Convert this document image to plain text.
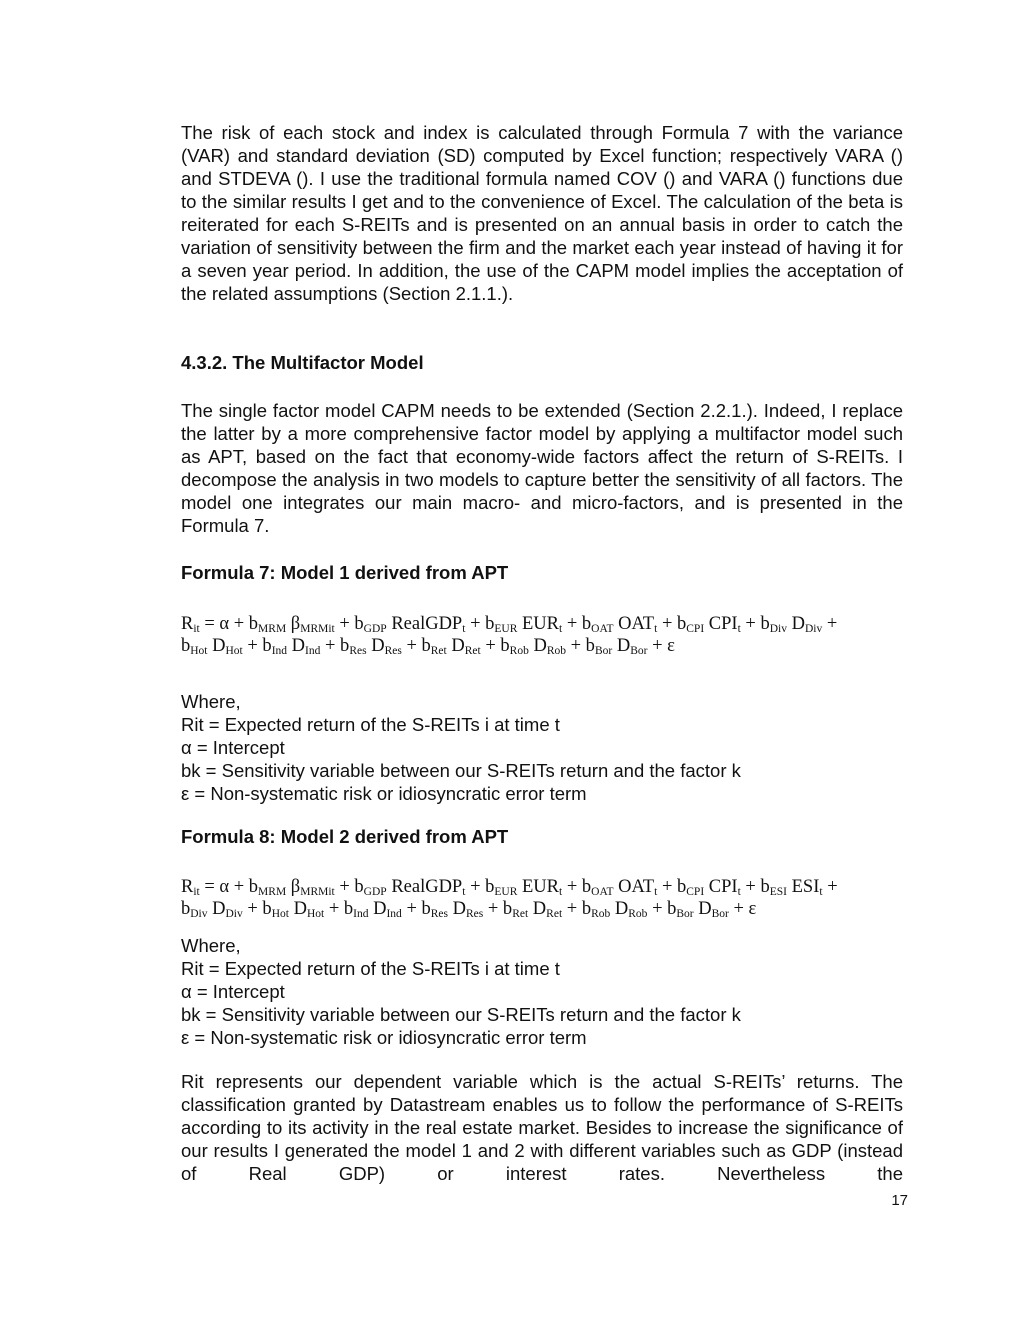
The risk of each stock and index is calculated through Formula 7 with the variance (VAR) and standard deviation (SD) computed by Excel function; respectively VARA () and STDEVA (). I use the traditional formula named COV () and VARA () functions due to the similar results I get and to the convenience of Excel. The calculation of the beta is reiterated for each S-REITs and is presented on an annual basis in order to catch the variation of sensitivity between the firm and the market each year instead of having it for a seven year period. In addition, the use of the CAPM model implies the acceptation of the related assumptions (Section 2.1.1.).
4.3.2. The Multifactor Model
The single factor model CAPM needs to be extended (Section 2.2.1.). Indeed, I replace the latter by a more comprehensive factor model by applying a multifactor model such as APT, based on the fact that economy-wide factors affect the return of S-REITs. I decompose the analysis in two models to capture better the sensitivity of all factors. The model one integrates our main macro- and micro-factors, and is presented in the Formula 7.
Formula 7: Model 1 derived from APT
$R_{it} = \alpha + b_{MRM}$ $\beta_{MRMit} + b_{GDP}$ RealGDP$_t$ + $b_{EUR}$ $EUR_t + b_{OAT}$ $OAT_t + b_{CPI}$ $CPI_t + b_{Div}$ $D_{Div}$ +
$b_{Hot}$ $D_{Hot} + b_{Ind}$ $D_{Ind} + b_{Res}$ $D_{Res} + b_{Ret}$ $D_{Ret} + b_{Rob}$ $D_{Rob} + b_{Bor}$ $D_{Bor} + \varepsilon$

Where,

Rit = Expected return of the S-REITs i at time t

α = Intercept

bk = Sensitivity variable between our S-REITs return and the factor k

ε = Non-systematic risk or idiosyncratic error term

Formula 8: Model 2 derived from APT
$R_{it} = \alpha + b_{MRM}$ $\beta_{MRMit} + b_{GDP}$ RealGDP$_t$ + $b_{EUR}$ $EUR_t + b_{OAT}$ $OAT_t + b_{CPI}$ $CPI_t + b_{ESI}$ $ESI_t$ +
$b_{Div}$ $D_{Div} + b_{Hot}$ $D_{Hot} + b_{Ind}$ $D_{Ind} + b_{Res}$ $D_{Res} + b_{Ret}$ $D_{Ret} + b_{Rob}$ $D_{Rob} + b_{Bor}$ $D_{Bor} + \varepsilon$

Where,

Rit = Expected return of the S-REITs i at time t

α = Intercept

bk = Sensitivity variable between our S-REITs return and the factor k

ε = Non-systematic risk or idiosyncratic error term

Rit represents our dependent variable which is the actual S-REITs’ returns. The classification granted by Datastream enables us to follow the performance of S-REITs according to its activity in the real estate market. Besides to increase the significance of our results I generated the model 1 and 2 with different variables such as GDP (instead of Real GDP) or interest rates. Nevertheless the
17
